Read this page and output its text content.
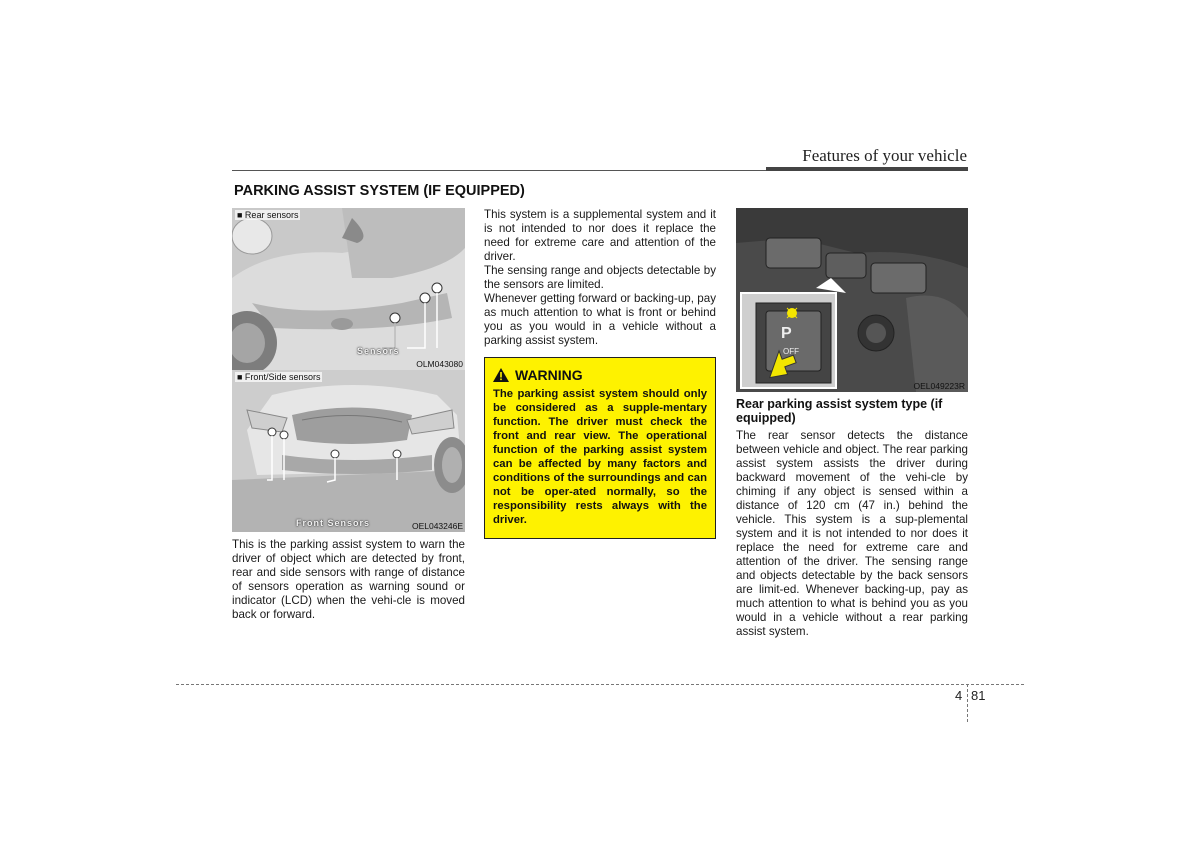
Features of your vehicle
PARKING ASSIST SYSTEM (IF EQUIPPED)
■ Rear sensors
Sensors
OLM043080
■ Front/Side sensors
Front Sensors	OEL043246E

This is the parking assist system to warn the driver of object which are detected by front, rear and side sensors with range of distance of sensors operation as warning sound or indicator (LCD) when the vehi-cle is moved back or forward.

This system is a supplemental system and it is not intended to nor does it replace the need for extreme care and attention of the driver.

The sensing range and objects detectable by the sensors are limited.

Whenever getting forward or backing-up, pay as much attention to what is front or behind you as you would in a vehicle without a parking assist system.

WARNING
The parking assist system should only be considered as a supple-mentary function. The driver must check the front and rear view. The operational function of the parking assist system can be affected by many factors and conditions of the surroundings and can not be oper-ated normally, so the responsibility rests always with the driver.
P
OFF
OEL049223R
Rear parking assist system type (if equipped)

The rear sensor detects the distance between vehicle and object. The rear parking assist system assists the driver during backward movement of the vehi-cle by chiming if any object is sensed within a distance of 120 cm (47 in.) behind the vehicle. This system is a sup-plemental system and it is not intended to nor does it replace the need for extreme care and attention of the driver. The sensing range and objects detectable by the back sensors are limit-ed. Whenever backing-up, pay as much attention to what is behind you as you would in a vehicle without a rear parking assist system.

4 81
